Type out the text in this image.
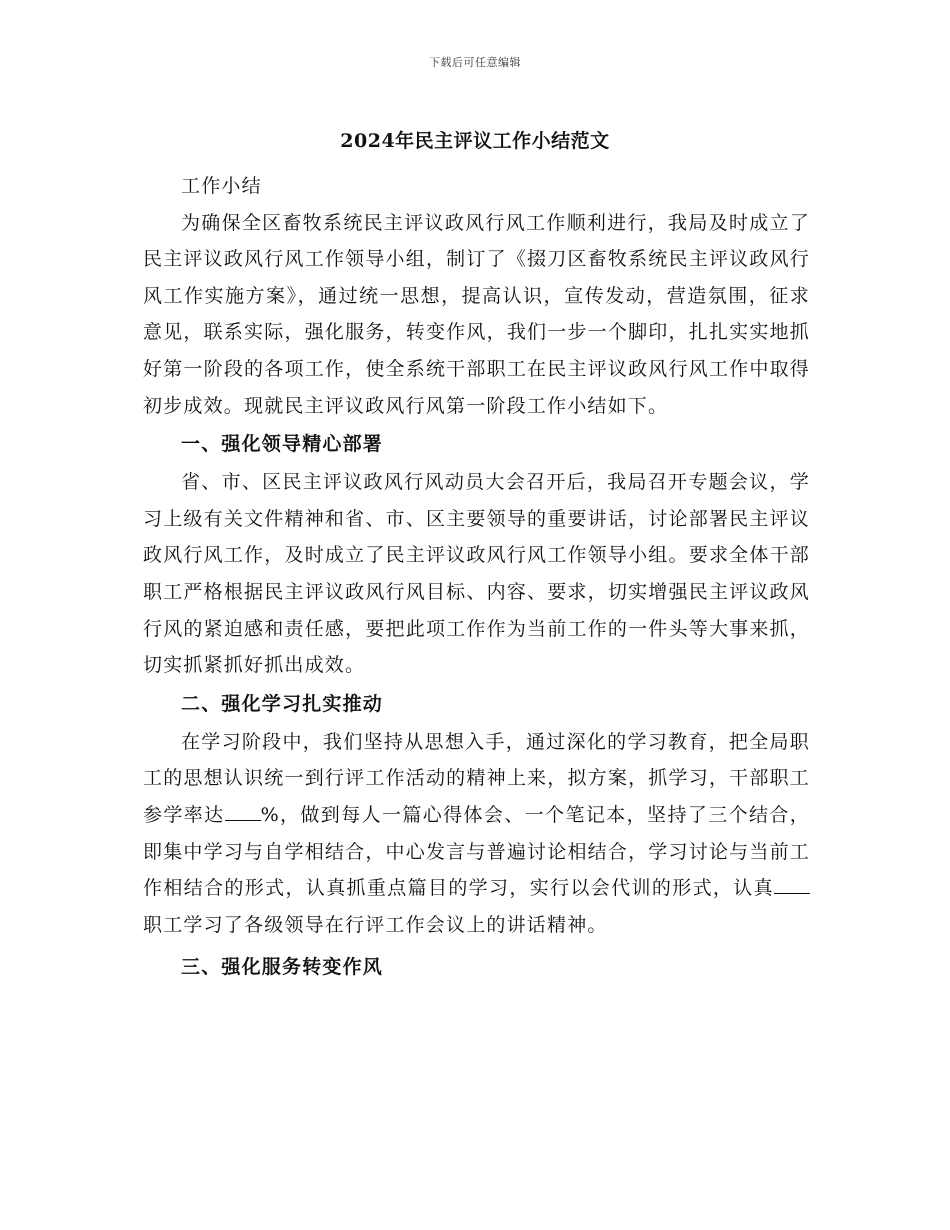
下载后可任意编辑
2024年民主评议工作小结范文

工作小结

为确保全区畜牧系统民主评议政风行风工作顺利进行，我局及时成立了民主评议政风行风工作领导小组，制订了《掇刀区畜牧系统民主评议政风行风工作实施方案》，通过统一思想，提高认识，宣传发动，营造氛围，征求意见，联系实际，强化服务，转变作风，我们一步一个脚印，扎扎实实地抓好第一阶段的各项工作，使全系统干部职工在民主评议政风行风工作中取得初步成效。现就民主评议政风行风第一阶段工作小结如下。

一、强化领导精心部署

省、市、区民主评议政风行风动员大会召开后，我局召开专题会议，学习上级有关文件精神和省、市、区主要领导的重要讲话，讨论部署民主评议政风行风工作，及时成立了民主评议政风行风工作领导小组。要求全体干部职工严格根据民主评议政风行风目标、内容、要求，切实增强民主评议政风行风的紧迫感和责任感，要把此项工作作为当前工作的一件头等大事来抓，切实抓紧抓好抓出成效。

二、强化学习扎实推动

在学习阶段中，我们坚持从思想入手，通过深化的学习教育，把全局职工的思想认识统一到行评工作活动的精神上来，拟方案，抓学习，干部职工参学率达 %，做到每人一篇心得体会、一个笔记本，坚持了三个结合，即集中学习与自学相结合，中心发言与普遍讨论相结合，学习讨论与当前工作相结合的形式，认真抓重点篇目的学习，实行以会代训的形式，认真职工学习了各级领导在行评工作会议上的讲话精神。

三、强化服务转变作风
